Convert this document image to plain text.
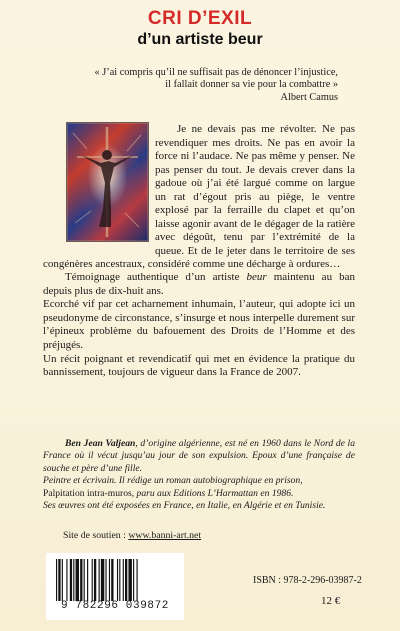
CRI D’EXIL
d’un artiste beur
« J’ai compris qu’il ne suffisait pas de dénoncer l’injustice,
il fallait donner sa vie pour la combattre »
Albert Camus

Je ne devais pas me révolter. Ne pas revendiquer mes droits. Ne pas en avoir la force ni l’audace. Ne pas même y penser. Ne pas penser du tout. Je devais crever dans la gadoue où j’ai été largué comme on largue un rat d’égout pris au piège, le ventre explosé par la ferraille du clapet et qu’on laisse agonir avant de le dégager de la ratière avec dégoût, tenu par l’extrémité de la queue. Et de le jeter dans le territoire de ses congénères ancestraux, considéré comme une décharge à ordures…

Témoignage authentique d’un artiste beur maintenu au ban depuis plus de dix-huit ans.

Ecorché vif par cet acharnement inhumain, l’auteur, qui adopte ici un pseudonyme de circonstance, s’insurge et nous interpelle durement sur l’épineux problème du bafouement des Droits de l’Homme et des préjugés.

Un récit poignant et revendicatif qui met en évidence la pratique du bannissement, toujours de vigueur dans la France de 2007.

Ben Jean Valjean, d’origine algérienne, est né en 1960 dans le Nord de la France où il vécut jusqu’au jour de son expulsion. Epoux d’une française de souche et père d’une fille.

Peintre et écrivain. Il rédige un roman autobiographique en prison,

Palpitation intra-muros, paru aux Editions L’Harmattan en 1986.

Ses œuvres ont été exposées en France, en Italie, en Algérie et en Tunisie.

Site de soutien : www.banni-art.net
9 782296 039872
ISBN : 978-2-296-03987-2
12 €
